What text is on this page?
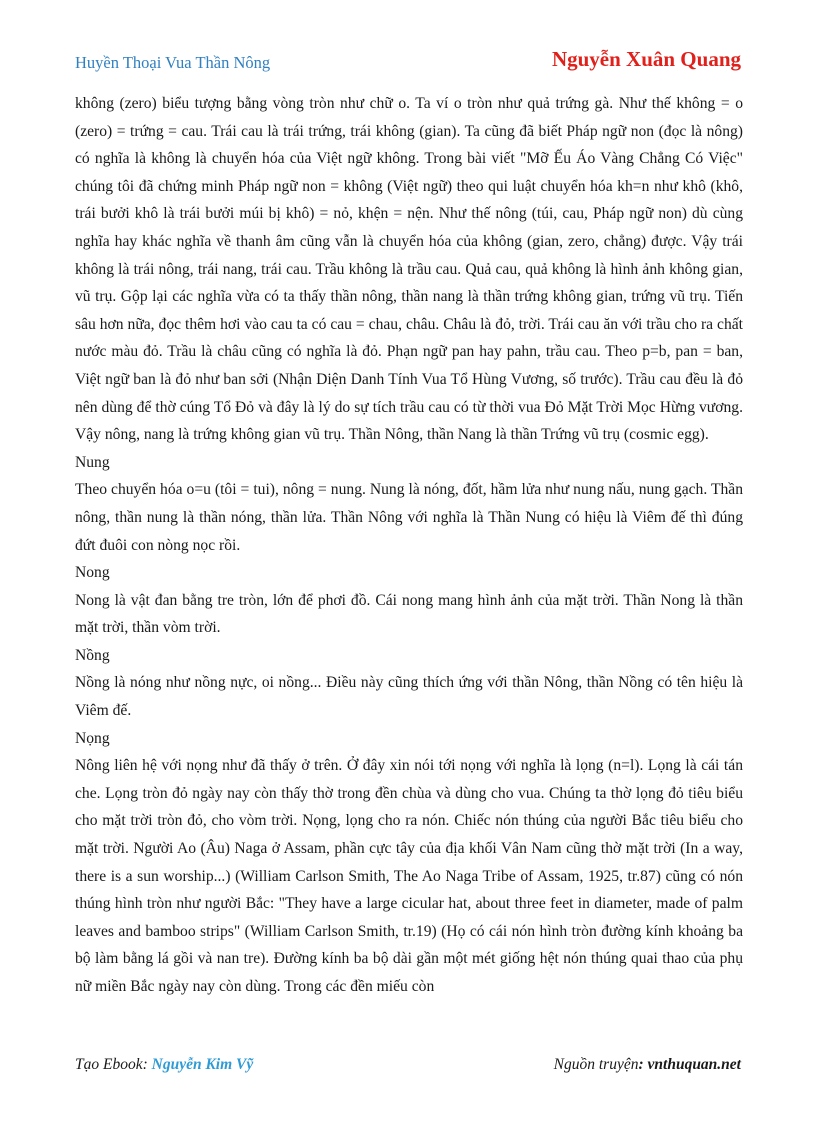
Huyền Thoại Vua Thần Nông	Nguyễn Xuân Quang

không (zero) biểu tượng bằng vòng tròn như chữ o. Ta ví o tròn như quả trứng gà. Như thế không = o (zero) = trứng = cau. Trái cau là trái trứng, trái không (gian). Ta cũng đã biết Pháp ngữ non (đọc là nông) có nghĩa là không là chuyển hóa của Việt ngữ không. Trong bài viết "Mỡ Ếu Áo Vàng Chẳng Có Việc" chúng tôi đã chứng minh Pháp ngữ non = không (Việt ngữ) theo qui luật chuyển hóa kh=n như khô (khô, trái bưởi khô là trái bưởi múi bị khô) = nỏ, khện = nện. Như thế nông (túi, cau, Pháp ngữ non) dù cùng nghĩa hay khác nghĩa về thanh âm cũng vẫn là chuyển hóa của không (gian, zero, chẳng) được. Vậy trái không là trái nông, trái nang, trái cau. Trầu không là trầu cau. Quả cau, quả không là hình ảnh không gian, vũ trụ. Gộp lại các nghĩa vừa có ta thấy thần nông, thần nang là thần trứng không gian, trứng vũ trụ. Tiến sâu hơn nữa, đọc thêm hơi vào cau ta có cau = chau, châu. Châu là đỏ, trời. Trái cau ăn với trầu cho ra chất nước màu đỏ. Trầu là châu cũng có nghĩa là đỏ. Phạn ngữ pan hay pahn, trầu cau. Theo p=b, pan = ban, Việt ngữ ban là đỏ như ban sởi (Nhận Diện Danh Tính Vua Tổ Hùng Vương, số trước). Trầu cau đều là đỏ nên dùng để thờ cúng Tổ Đỏ và đây là lý do sự tích trầu cau có từ thời vua Đỏ Mặt Trời Mọc Hừng vương. Vậy nông, nang là trứng không gian vũ trụ. Thần Nông, thần Nang là thần Trứng vũ trụ (cosmic egg).

Nung

Theo chuyển hóa o=u (tôi = tui), nông = nung. Nung là nóng, đốt, hầm lửa như nung nấu, nung gạch. Thần nông, thần nung là thần nóng, thần lửa. Thần Nông với nghĩa là Thần Nung có hiệu là Viêm đế thì đúng đứt đuôi con nòng nọc rồi.

Nong

Nong là vật đan bằng tre tròn, lớn để phơi đồ. Cái nong mang hình ảnh của mặt trời. Thần Nong là thần mặt trời, thần vòm trời.

Nồng

Nồng là nóng như nồng nực, oi nồng... Điều này cũng thích ứng với thần Nông, thần Nồng có tên hiệu là Viêm đế.

Nọng

Nông liên hệ với nọng như đã thấy ở trên. Ở đây xin nói tới nọng với nghĩa là lọng (n=l). Lọng là cái tán che. Lọng tròn đỏ ngày nay còn thấy thờ trong đền chùa và dùng cho vua. Chúng ta thờ lọng đỏ tiêu biểu cho mặt trời tròn đỏ, cho vòm trời. Nọng, lọng cho ra nón. Chiếc nón thúng của người Bắc tiêu biểu cho mặt trời. Người Ao (Âu) Naga ở Assam, phần cực tây của địa khối Vân Nam cũng thờ mặt trời (In a way, there is a sun worship...) (William Carlson Smith, The Ao Naga Tribe of Assam, 1925, tr.87) cũng có nón thúng hình tròn như người Bắc: "They have a large cicular hat, about three feet in diameter, made of palm leaves and bamboo strips" (William Carlson Smith, tr.19) (Họ có cái nón hình tròn đường kính khoảng ba bộ làm bằng lá gồi và nan tre). Đường kính ba bộ dài gần một mét giống hệt nón thúng quai thao của phụ nữ miền Bắc ngày nay còn dùng. Trong các đền miếu còn

Tạo Ebook: Nguyễn Kim Vỹ	Nguồn truyện: vnthuquan.net
